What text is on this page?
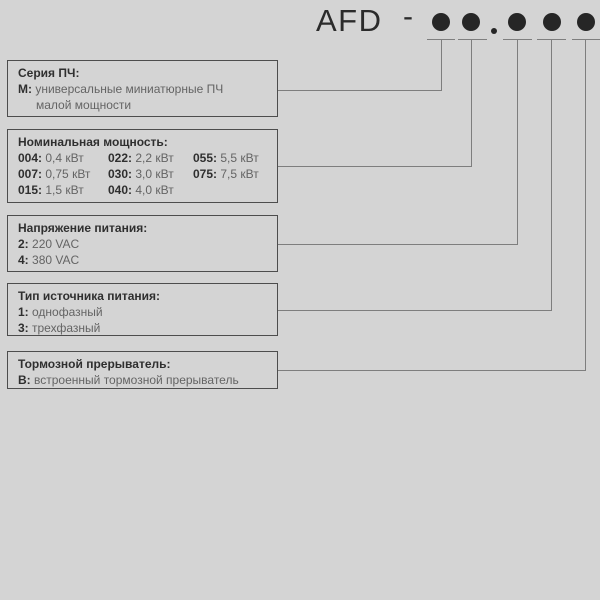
AFD -
Серия ПЧ:
М: универсальные миниатюрные ПЧ
малой мощности
Номинальная мощность:
004: 0,4 кВт	022: 2,2 кВт	055: 5,5 кВт
007: 0,75 кВт	030: 3,0 кВт	075: 7,5 кВт
015: 1,5 кВт	040: 4,0 кВт
Напряжение питания:
2: 220 VAC
4: 380 VAC
Тип источника питания:
1: однофазный
3: трехфазный
Тормозной прерыватель:
В: встроенный тормозной прерыватель
